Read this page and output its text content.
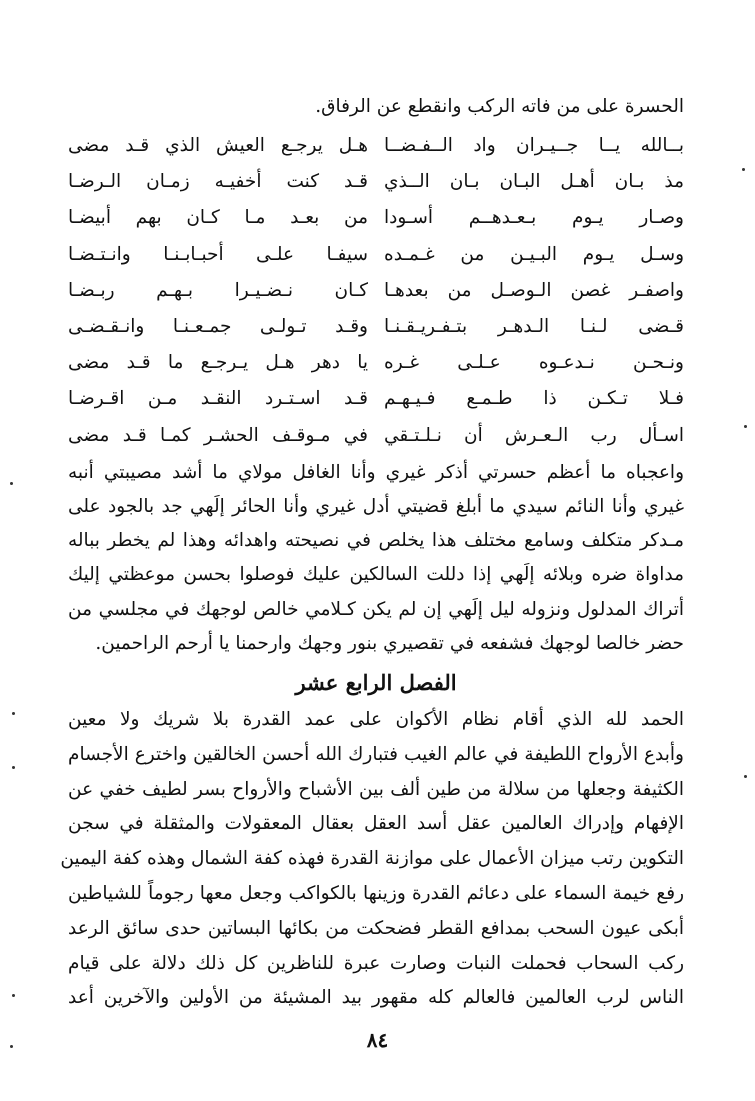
الحسرة على من فاته الركب وانقطع عن الرفاق.
بــالله يــا جــيـران واد الــفـضــا
هـل يرجـع العيش الذي قـد مضى
مذ بـان أهـل البـان بـان الــذي
قـد كنت أخفيـه زمـان الـرضـا
وصـار يـوم بـعـدهــم أسـودا
من بعـد مـا كـان بهم أبيضـا
وسـل يـوم البـيـن من غـمـده
سيفـا علـى أحبـابـنـا وانـتـضـا
واصفـر غصن الـوصـل من بعدهـا
كـان نـضـيـرا بـهـم ربـضـا
قـضى لـنـا الـدهـر بتـفـريـقـنـا
وقـد تـولـى جمـعـنـا وانـقـضـى
ونـحـن نـدعـوه عـلـى غـره
يا دهر هـل يـرجـع ما قـد مضى
فـلا تـكـن ذا طـمـع فـيـهـم
قـد اسـتـرد النقـد مـن اقـرضـا
اسـأل رب الـعـرش أن نـلـتـقي
في مـوقـف الحشـر كمـا قـد مضى
واعجباه ما أعظم حسرتي أذكر غيري وأنا الغافل مولاي ما أشد مصيبتي أنبه
غيري وأنا النائم سيدي ما أبلغ قضيتي أدل غيري وأنا الحائر إلَهي جد بالجود على
مـدكر متكلف وسامع مختلف هذا يخلص في نصيحته واهدائه وهذا لم يخطر بباله
مداواة ضره وبلائه إلَهي إذا دللت السالكين عليك فوصلوا بحسن موعظتي إليك
أتراك المدلول ونزوله ليل إلَهي إن لم يكن كـلامي خالص لوجهك في مجلسي من
حضر خالصا لوجهك فشفعه في تقصيري بنور وجهك وارحمنا يا أرحم الراحمين.
الفصل الرابع عشر
الحمد لله الذي أقام نظام الأكوان على عمد القدرة بلا شريك ولا معين
وأبدع الأرواح اللطيفة في عالم الغيب فتبارك الله أحسن الخالقين واخترع الأجسام
الكثيفة وجعلها من سلالة من طين ألف بين الأشباح والأرواح بسر لطيف خفي عن
الإفهام وإدراك العالمين عقل أسد العقل بعقال المعقولات والمثقلة في سجن
التكوين رتب ميزان الأعمال على موازنة القدرة فهذه كفة الشمال وهذه كفة اليمين
رفع خيمة السماء على دعائم القدرة وزينها بالكواكب وجعل معها رجوماً للشياطين
أبكى عيون السحب بمدافع القطر فضحكت من بكائها البساتين حدى سائق الرعد
ركب السحاب فحملت النبات وصارت عبرة للناظرين كل ذلك دلالة على قيام
الناس لرب العالمين فالعالم كله مقهور بيد المشيئة من الأولين والآخرين أعد
٨٤
